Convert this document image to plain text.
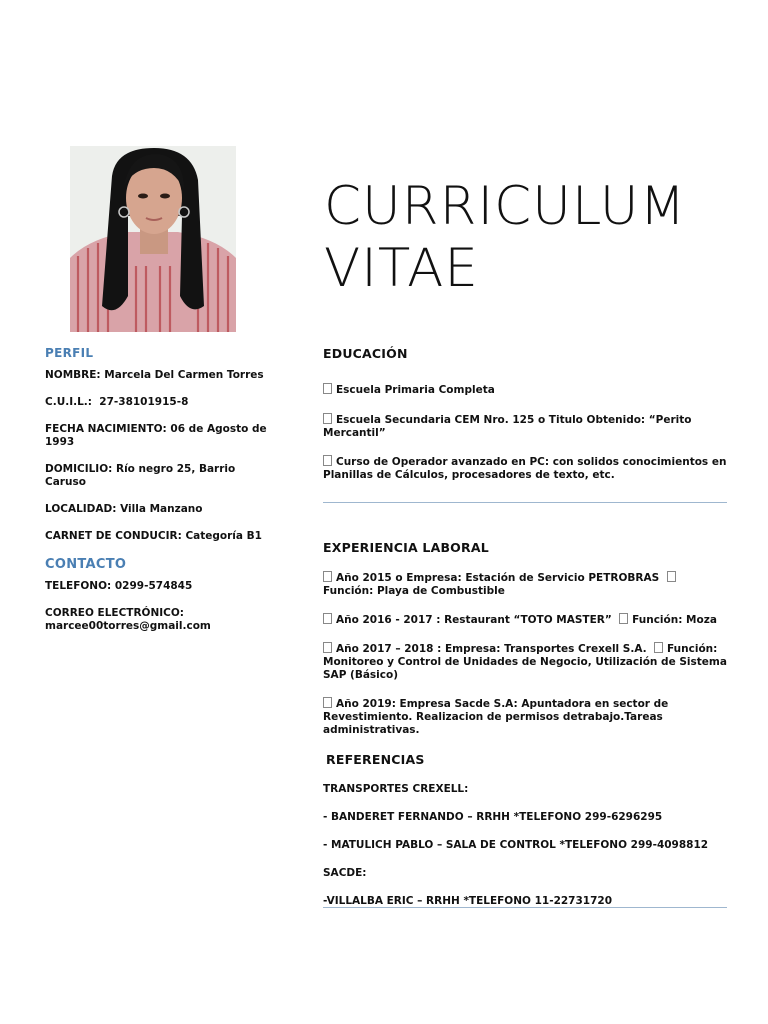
CURRICULUM
VITAE

PERFIL

NOMBRE: Marcela Del Carmen Torres

C.U.I.L.: 27-38101915-8

FECHA NACIMIENTO: 06 de Agosto de 1993

DOMICILIO: Río negro 25, Barrio Caruso

LOCALIDAD: Villa Manzano

CARNET DE CONDUCIR: Categoría B1

CONTACTO

TELEFONO: 0299-574845

CORREO ELECTRÓNICO:
marcee00torres@gmail.com

EDUCACIÓN

Escuela Primaria Completa

Escuela Secundaria CEM Nro. 125 o Titulo Obtenido: “Perito Mercantil”

Curso de Operador avanzado en PC: con solidos conocimientos en Planillas de Cálculos, procesadores de texto, etc.

EXPERIENCIA LABORAL

Año 2015 o Empresa: Estación de Servicio PETROBRAS Función: Playa de Combustible

Año 2016 - 2017 : Restaurant “TOTO MASTER” Función: Moza

Año 2017 – 2018 : Empresa: Transportes Crexell S.A. Función: Monitoreo y Control de Unidades de Negocio, Utilización de Sistema SAP (Básico)

Año 2019: Empresa Sacde S.A: Apuntadora en sector de Revestimiento. Realizacion de permisos detrabajo.Tareas administrativas.

REFERENCIAS

TRANSPORTES CREXELL:

- BANDERET FERNANDO – RRHH *TELEFONO 299-6296295

- MATULICH PABLO – SALA DE CONTROL *TELEFONO 299-4098812

SACDE:

-VILLALBA ERIC – RRHH *TELEFONO 11-22731720
